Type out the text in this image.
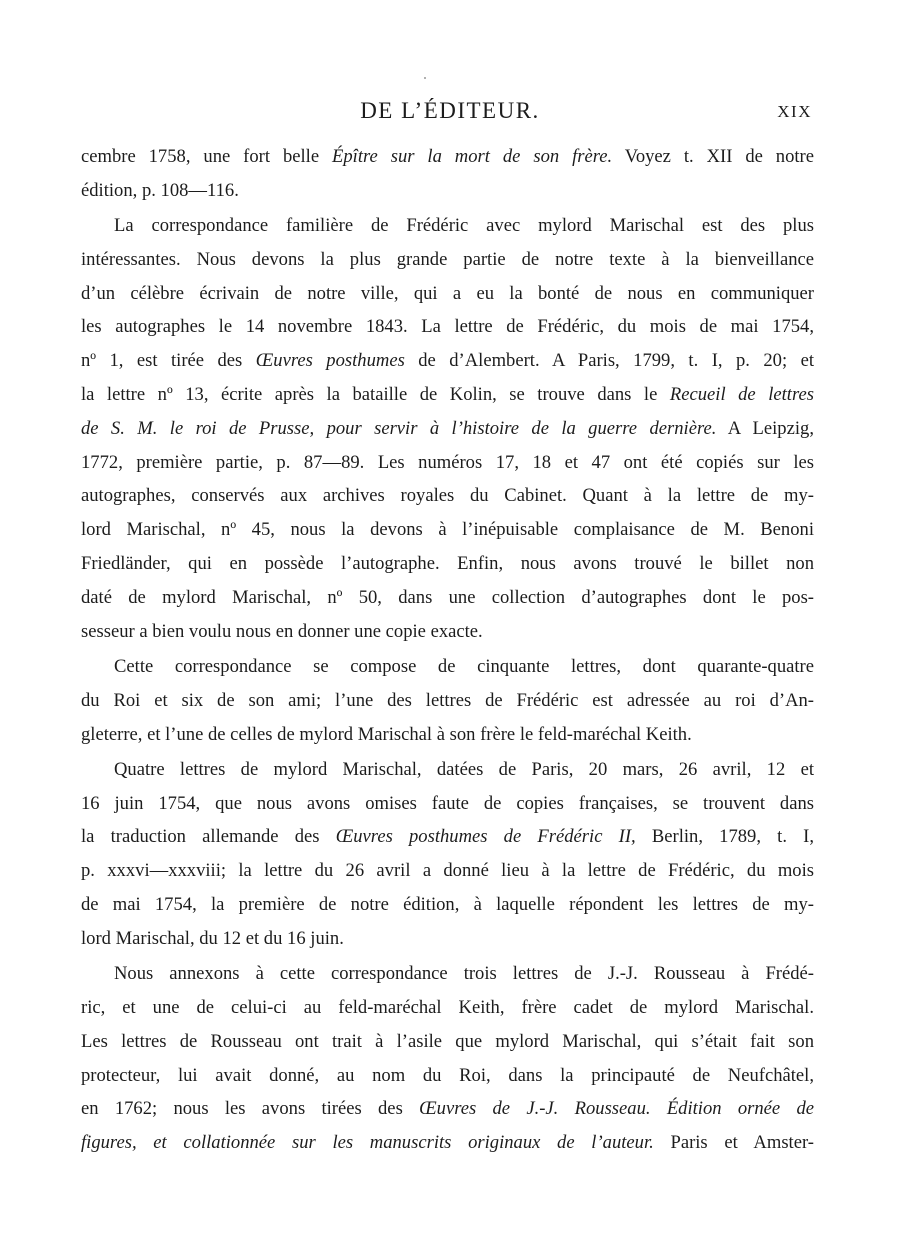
DE L’ÉDITEUR.	XIX
cembre 1758, une fort belle Épître sur la mort de son frère. Voyez t. XII de notre
édition, p. 108—116.
La correspondance familière de Frédéric avec mylord Marischal est des plus
intéressantes. Nous devons la plus grande partie de notre texte à la bienveillance
d’un célèbre écrivain de notre ville, qui a eu la bonté de nous en communiquer
les autographes le 14 novembre 1843. La lettre de Frédéric, du mois de mai 1754,
nº 1, est tirée des Œuvres posthumes de d’Alembert. A Paris, 1799, t. I, p. 20; et
la lettre nº 13, écrite après la bataille de Kolin, se trouve dans le Recueil de lettres
de S. M. le roi de Prusse, pour servir à l’histoire de la guerre dernière. A Leipzig,
1772, première partie, p. 87—89. Les numéros 17, 18 et 47 ont été copiés sur les
autographes, conservés aux archives royales du Cabinet. Quant à la lettre de my-
lord Marischal, nº 45, nous la devons à l’inépuisable complaisance de M. Benoni
Friedländer, qui en possède l’autographe. Enfin, nous avons trouvé le billet non
daté de mylord Marischal, nº 50, dans une collection d’autographes dont le pos-
sesseur a bien voulu nous en donner une copie exacte.
Cette correspondance se compose de cinquante lettres, dont quarante-quatre
du Roi et six de son ami; l’une des lettres de Frédéric est adressée au roi d’An-
gleterre, et l’une de celles de mylord Marischal à son frère le feld-maréchal Keith.
Quatre lettres de mylord Marischal, datées de Paris, 20 mars, 26 avril, 12 et
16 juin 1754, que nous avons omises faute de copies françaises, se trouvent dans
la traduction allemande des Œuvres posthumes de Frédéric II, Berlin, 1789, t. I,
p. xxxvi—xxxviii; la lettre du 26 avril a donné lieu à la lettre de Frédéric, du mois
de mai 1754, la première de notre édition, à laquelle répondent les lettres de my-
lord Marischal, du 12 et du 16 juin.
Nous annexons à cette correspondance trois lettres de J.-J. Rousseau à Frédé-
ric, et une de celui-ci au feld-maréchal Keith, frère cadet de mylord Marischal.
Les lettres de Rousseau ont trait à l’asile que mylord Marischal, qui s’était fait son
protecteur, lui avait donné, au nom du Roi, dans la principauté de Neufchâtel,
en 1762; nous les avons tirées des Œuvres de J.-J. Rousseau. Édition ornée de
figures, et collationnée sur les manuscrits originaux de l’auteur. Paris et Amster-
